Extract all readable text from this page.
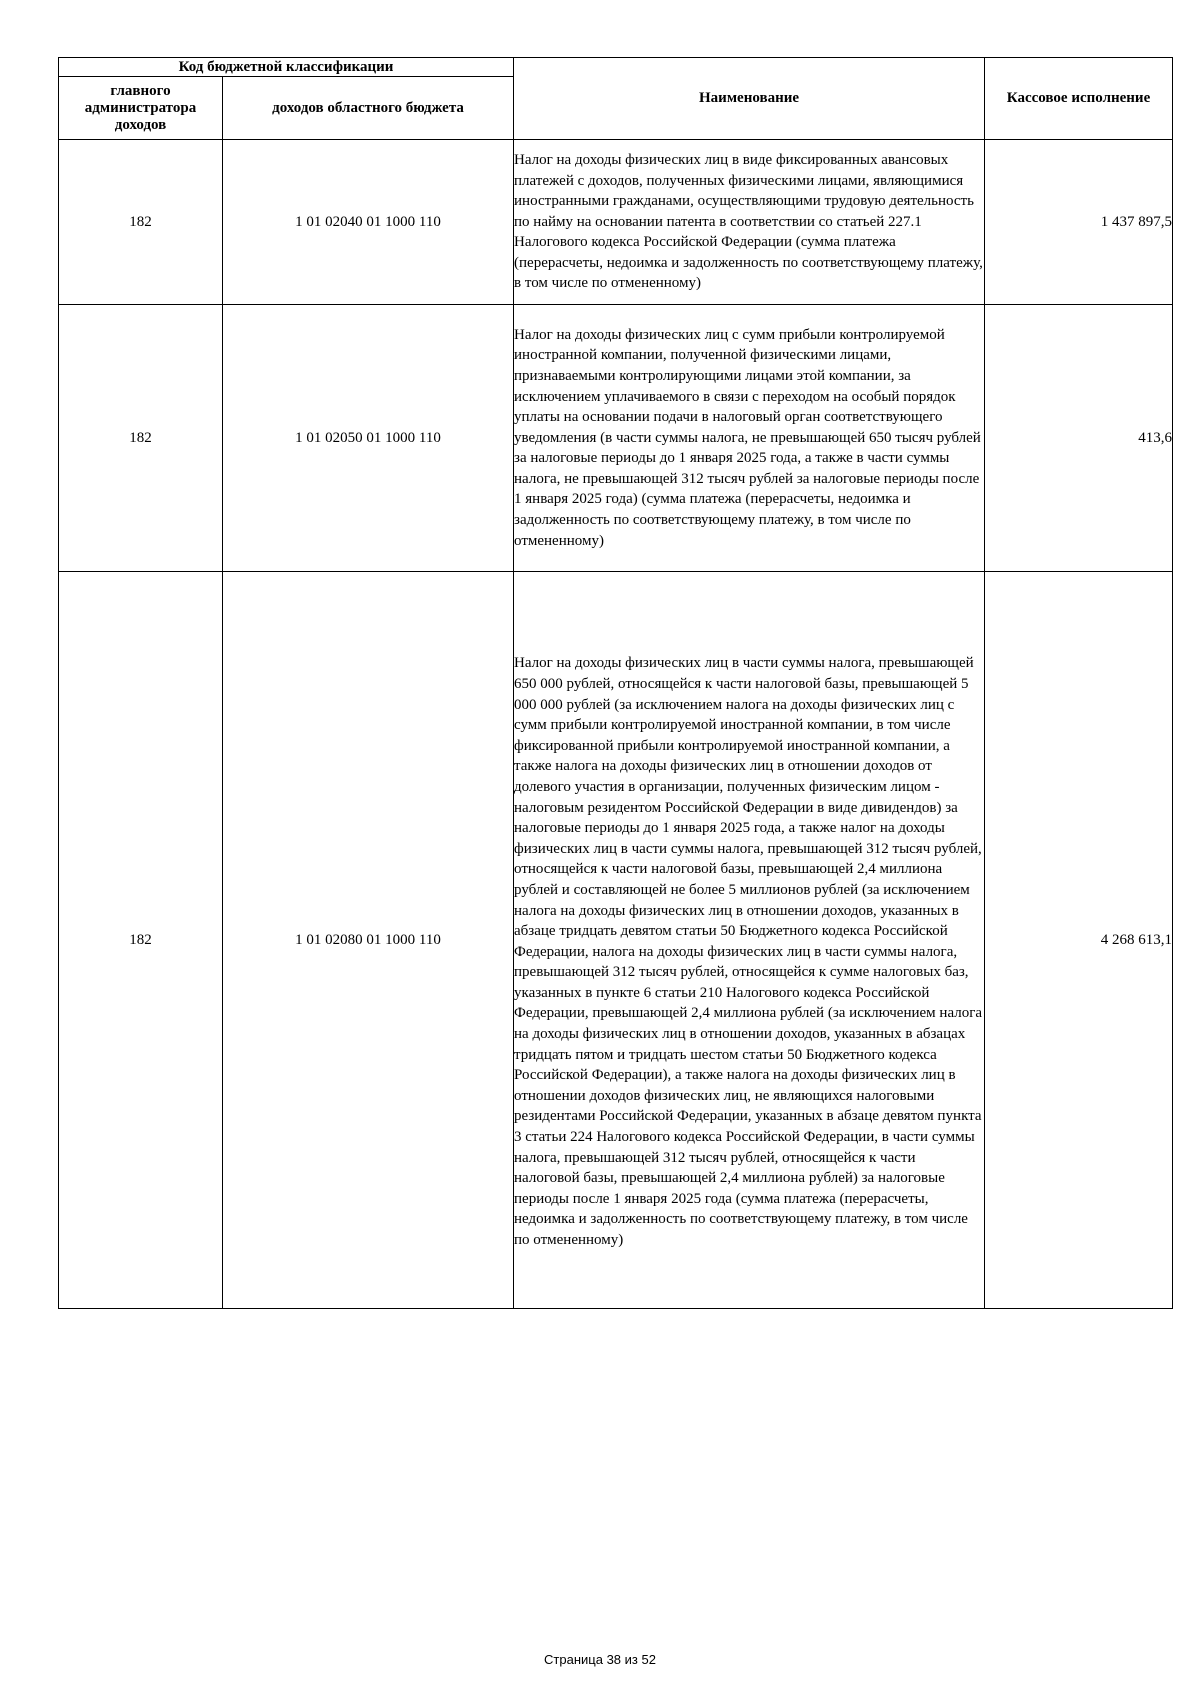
Код бюджетной классификации		Наименование	Кассовое исполнение
главного администратора доходов	доходов областного бюджета		
182	1 01 02040 01 1000 110	Налог на доходы физических лиц в виде фиксированных авансовых платежей с доходов, полученных физическими лицами, являющимися иностранными гражданами, осуществляющими трудовую деятельность по найму на основании патента в соответствии со статьей 227.1 Налогового кодекса Российской Федерации (сумма платежа (перерасчеты, недоимка и задолженность по соответствующему платежу, в том числе по отмененному)	1 437 897,5
182	1 01 02050 01 1000 110	Налог на доходы физических лиц с сумм прибыли контролируемой иностранной компании, полученной физическими лицами, признаваемыми контролирующими лицами этой компании, за исключением уплачиваемого в связи с переходом на особый порядок уплаты на основании подачи в налоговый орган соответствующего уведомления (в части суммы налога, не превышающей 650 тысяч рублей за налоговые периоды до 1 января 2025 года, а также в части суммы налога, не превышающей 312 тысяч рублей за налоговые периоды после 1 января 2025 года) (сумма платежа (перерасчеты, недоимка и задолженность по соответствующему платежу, в том числе по отмененному)	413,6
182	1 01 02080 01 1000 110	Налог на доходы физических лиц в части суммы налога, превышающей 650 000 рублей, относящейся к части налоговой базы, превышающей 5 000 000 рублей (за исключением налога на доходы физических лиц с сумм прибыли контролируемой иностранной компании, в том числе фиксированной прибыли контролируемой иностранной компании, а также налога на доходы физических лиц в отношении доходов от долевого участия в организации, полученных физическим лицом - налоговым резидентом Российской Федерации в виде дивидендов) за налоговые периоды до 1 января 2025 года, а также налог на доходы физических лиц в части суммы налога, превышающей 312 тысяч рублей, относящейся к части налоговой базы, превышающей 2,4 миллиона рублей и составляющей не более 5 миллионов рублей (за исключением налога на доходы физических лиц в отношении доходов, указанных в абзаце тридцать девятом статьи 50 Бюджетного кодекса Российской Федерации, налога на доходы физических лиц в части суммы налога, превышающей 312 тысяч рублей, относящейся к сумме налоговых баз, указанных в пункте 6 статьи 210 Налогового кодекса Российской Федерации, превышающей 2,4 миллиона рублей (за исключением налога на доходы физических лиц в отношении доходов, указанных в абзацах тридцать пятом и тридцать шестом статьи 50 Бюджетного кодекса Российской Федерации), а также налога на доходы физических лиц в отношении доходов физических лиц, не являющихся налоговыми резидентами Российской Федерации, указанных в абзаце девятом пункта 3 статьи 224 Налогового кодекса Российской Федерации, в части суммы налога, превышающей 312 тысяч рублей, относящейся к части налоговой базы, превышающей 2,4 миллиона рублей) за налоговые периоды после 1 января 2025 года (сумма платежа (перерасчеты, недоимка и задолженность по соответствующему платежу, в том числе по отмененному)	4 268 613,1
Страница 38 из 52
